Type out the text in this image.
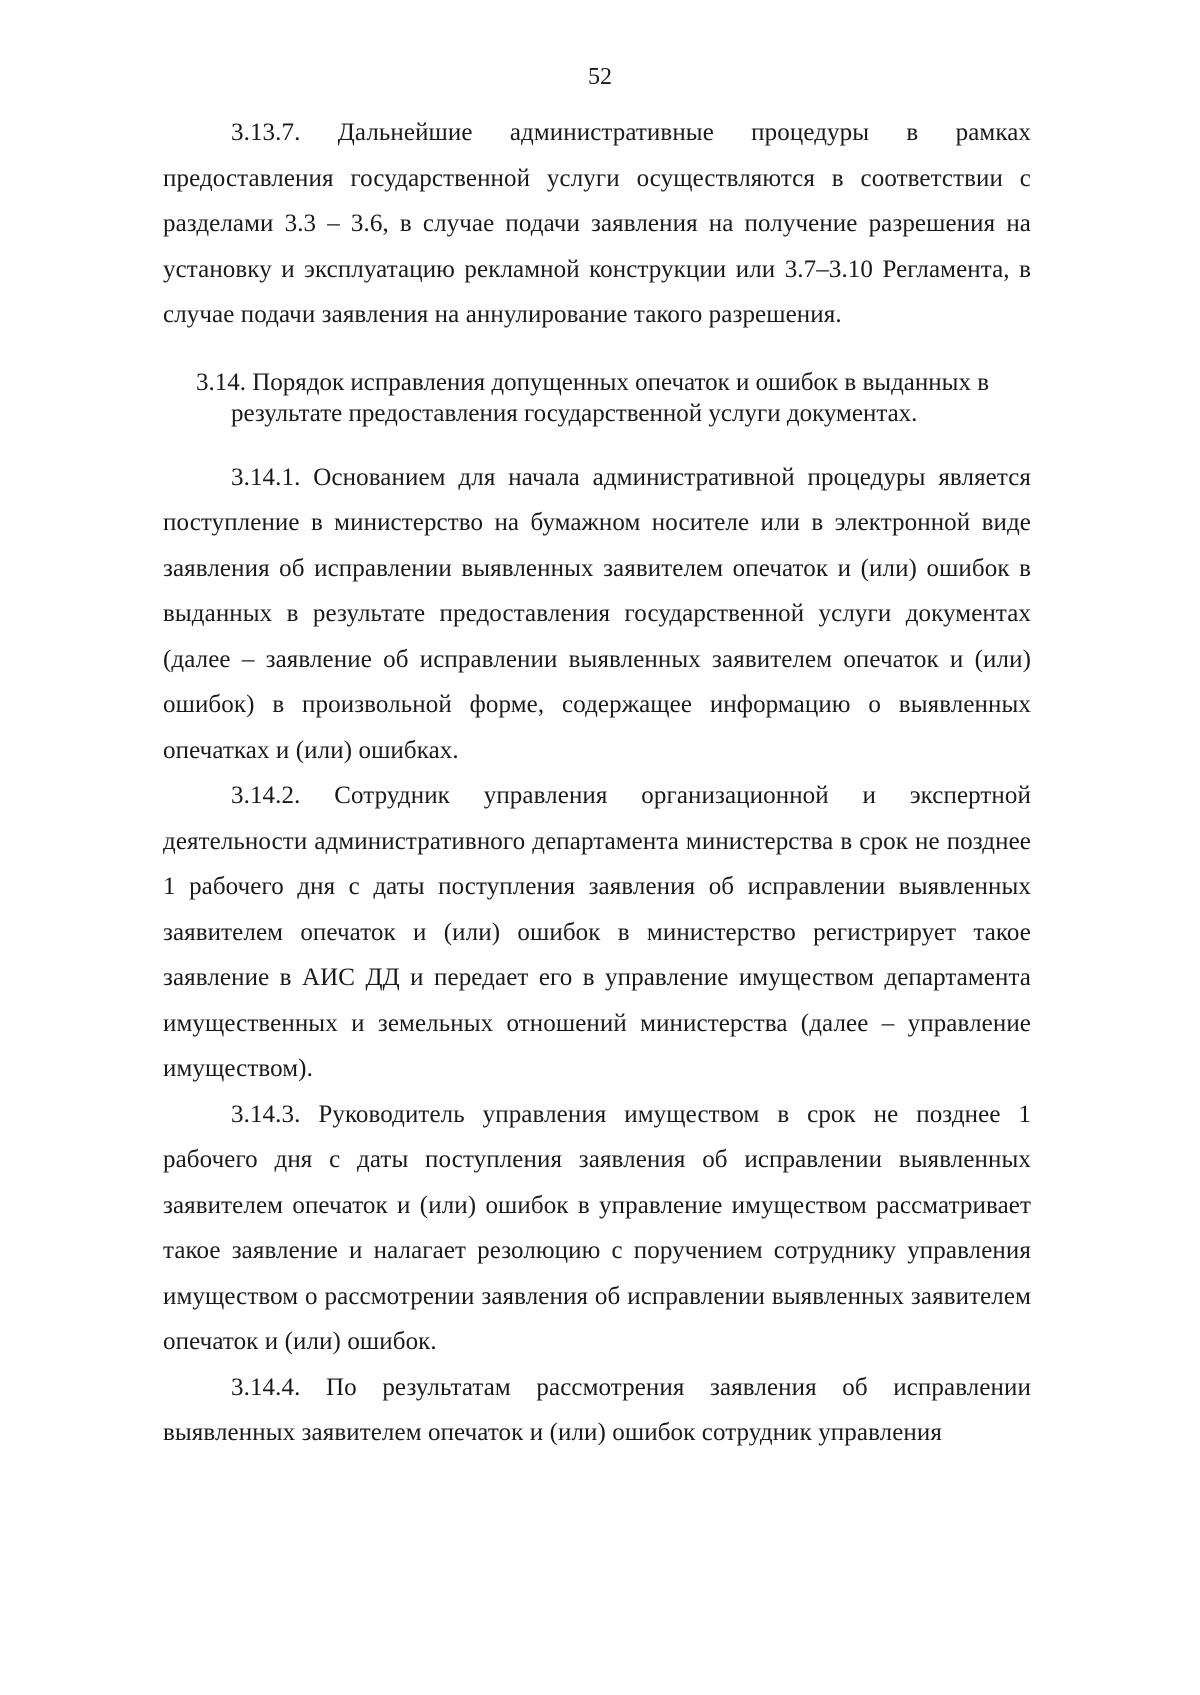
52

3.13.7. Дальнейшие административные процедуры в рамках предоставления государственной услуги осуществляются в соответствии с разделами 3.3 – 3.6, в случае подачи заявления на получение разрешения на установку и эксплуатацию рекламной конструкции или 3.7–3.10 Регламента, в случае подачи заявления на аннулирование такого разрешения.

3.14. Порядок исправления допущенных опечаток и ошибок в выданных в результате предоставления государственной услуги документах.

3.14.1. Основанием для начала административной процедуры является поступление в министерство на бумажном носителе или в электронной виде заявления об исправлении выявленных заявителем опечаток и (или) ошибок в выданных в результате предоставления государственной услуги документах (далее – заявление об исправлении выявленных заявителем опечаток и (или) ошибок) в произвольной форме, содержащее информацию о выявленных опечатках и (или) ошибках.

3.14.2. Сотрудник управления организационной и экспертной деятельности административного департамента министерства в срок не позднее 1 рабочего дня с даты поступления заявления об исправлении выявленных заявителем опечаток и (или) ошибок в министерство регистрирует такое заявление в АИС ДД и передает его в управление имуществом департамента имущественных и земельных отношений министерства (далее – управление имуществом).

3.14.3. Руководитель управления имуществом в срок не позднее 1 рабочего дня с даты поступления заявления об исправлении выявленных заявителем опечаток и (или) ошибок в управление имуществом рассматривает такое заявление и налагает резолюцию с поручением сотруднику управления имуществом о рассмотрении заявления об исправлении выявленных заявителем опечаток и (или) ошибок.

3.14.4. По результатам рассмотрения заявления об исправлении выявленных заявителем опечаток и (или) ошибок сотрудник управления
